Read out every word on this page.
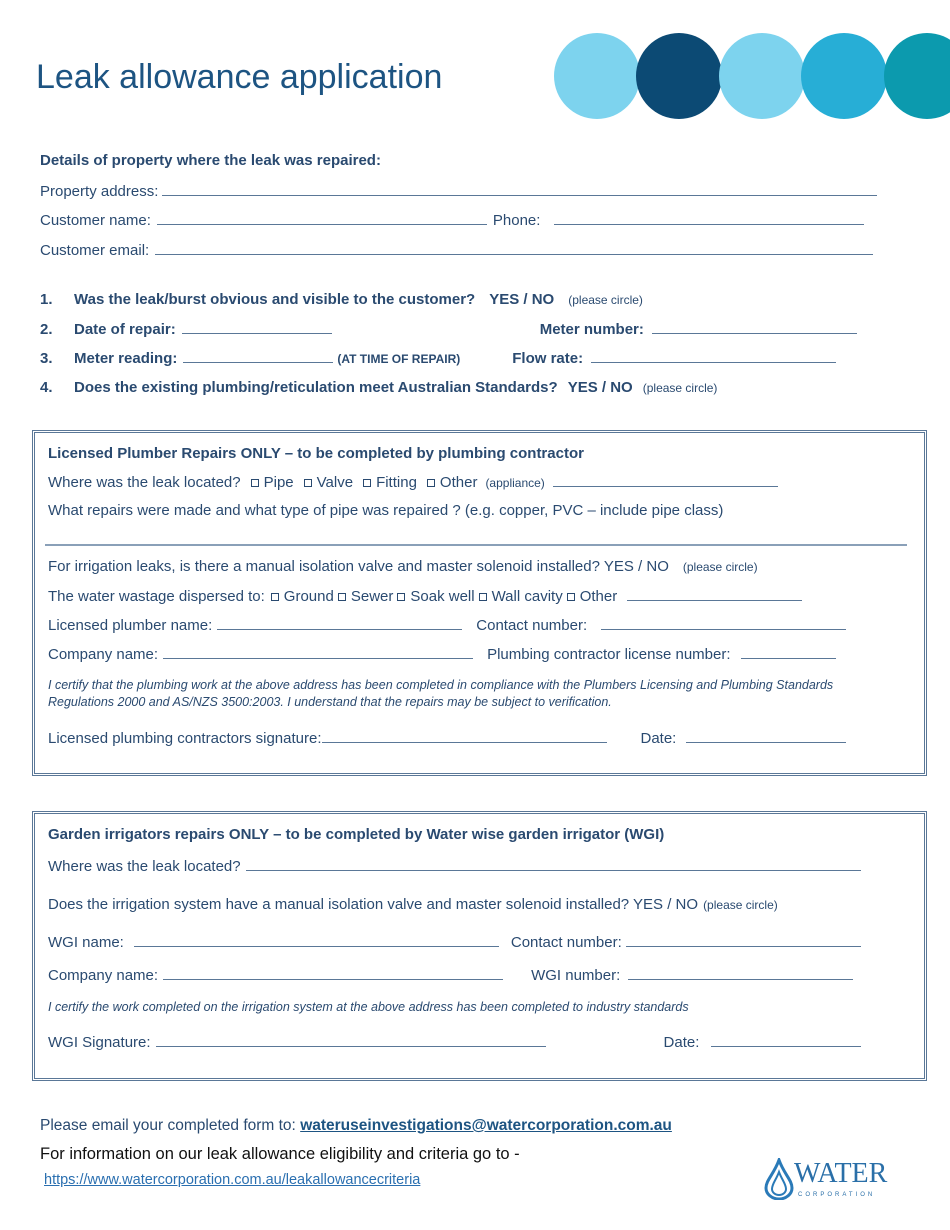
Leak allowance application
Details of property where the leak was repaired:
Property address:
Customer name:	Phone:
Customer email:
1.	Was the leak/burst obvious and visible to the customer? YES / NO (please circle)
2.	Date of repair:	Meter number:
3.	Meter reading:	(AT TIME OF REPAIR)	Flow rate:
4.	Does the existing plumbing/reticulation meet Australian Standards? YES / NO (please circle)
Licensed Plumber Repairs ONLY – to be completed by plumbing contractor
Where was the leak located? Pipe Valve Fitting Other (appliance)
What repairs were made and what type of pipe was repaired ? (e.g. copper, PVC – include pipe class)
For irrigation leaks, is there a manual isolation valve and master solenoid installed? YES / NO (please circle)
The water wastage dispersed to: Ground Sewer Soak well Wall cavity Other
Licensed plumber name:	Contact number:
Company name:	Plumbing contractor license number:
I certify that the plumbing work at the above address has been completed in compliance with the Plumbers Licensing and Plumbing Standards Regulations 2000 and AS/NZS 3500:2003. I understand that the repairs may be subject to verification.
Licensed plumbing contractors signature:	Date:
Garden irrigators repairs ONLY – to be completed by Water wise garden irrigator (WGI)
Where was the leak located?
Does the irrigation system have a manual isolation valve and master solenoid installed? YES / NO (please circle)
WGI name:	Contact number:
Company name:	WGI number:
I certify the work completed on the irrigation system at the above address has been completed to industry standards
WGI Signature:	Date:
Please email your completed form to: wateruseinvestigations@watercorporation.com.au
For information on our leak allowance eligibility and criteria go to -
https://www.watercorporation.com.au/leakallowancecriteria	WATER
CORPORATION
